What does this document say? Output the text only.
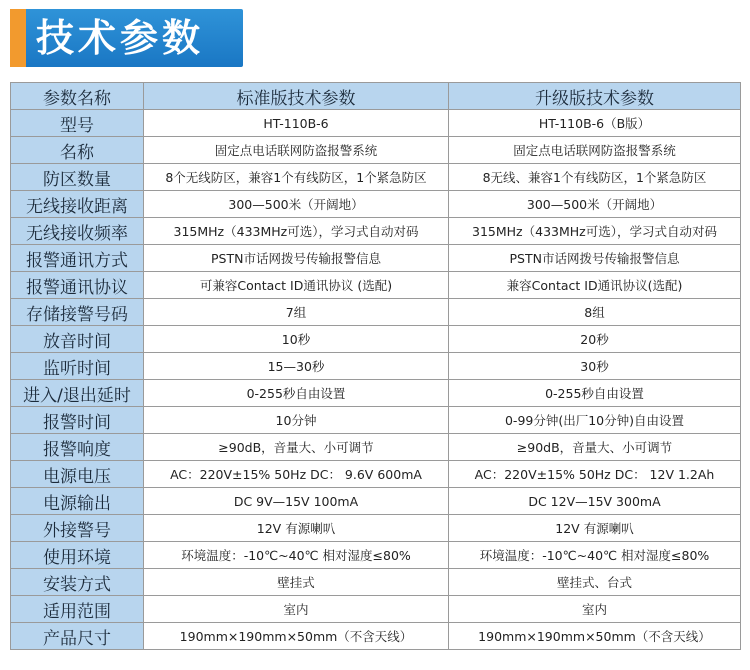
技术参数
参数名称	标准版技术参数	升级版技术参数
型号	HT-110B-6	HT-110B-6（B版）
名称	固定点电话联网防盗报警系统	固定点电话联网防盗报警系统
防区数量	8个无线防区，兼容1个有线防区，1个紧急防区	8无线、兼容1个有线防区，1个紧急防区
无线接收距离	300—500米（开阔地）	300—500米（开阔地）
无线接收频率	315MHz（433MHz可选），学习式自动对码	315MHz（433MHz可选），学习式自动对码
报警通讯方式	PSTN市话网拨号传输报警信息	PSTN市话网拨号传输报警信息
报警通讯协议	可兼容Contact ID通讯协议 (选配)	兼容Contact ID通讯协议(选配)
存储接警号码	7组	8组
放音时间	10秒	20秒
监听时间	15—30秒	30秒
进入/退出延时	0-255秒自由设置	0-255秒自由设置
报警时间	10分钟	0-99分钟(出厂10分钟)自由设置
报警响度	≥90dB，音量大、小可调节	≥90dB，音量大、小可调节
电源电压	AC：220V±15% 50Hz DC： 9.6V 600mA	AC：220V±15% 50Hz DC： 12V 1.2Ah
电源输出	DC 9V—15V 100mA	DC 12V—15V 300mA
外接警号	12V 有源喇叭	12V 有源喇叭
使用环境	环境温度：-10℃~40℃ 相对湿度≤80%	环境温度：-10℃~40℃ 相对湿度≤80%
安装方式	壁挂式	壁挂式、台式
适用范围	室内	室内
产品尺寸	190mm×190mm×50mm（不含天线）	190mm×190mm×50mm（不含天线）
